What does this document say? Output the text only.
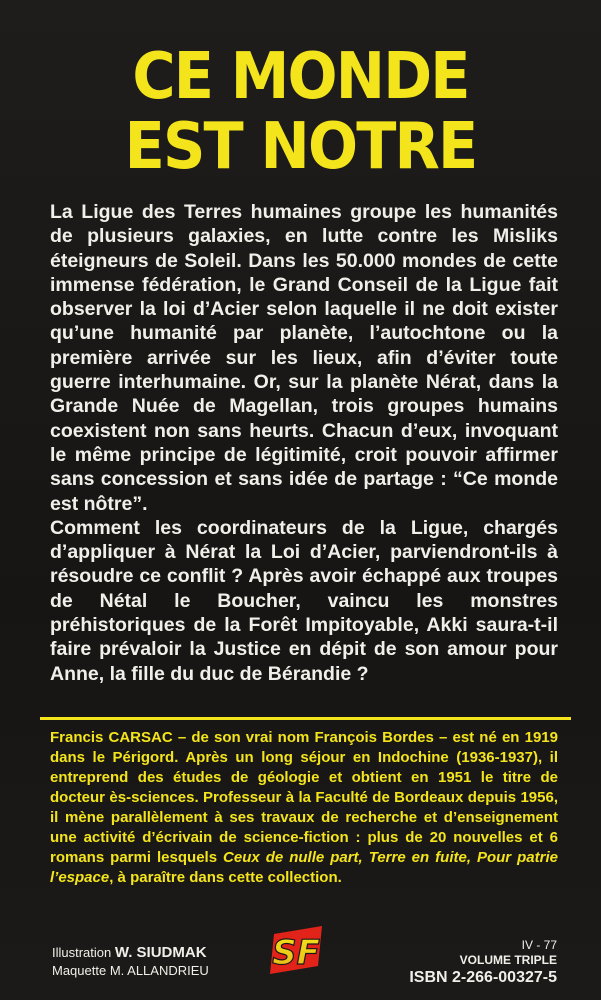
CE MONDE
EST NOTRE

La Ligue des Terres humaines groupe les humanités de plusieurs galaxies, en lutte contre les Misliks éteigneurs de Soleil. Dans les 50.000 mondes de cette immense fédération, le Grand Conseil de la Ligue fait observer la loi d’Acier selon laquelle il ne doit exister qu’une humanité par planète, l’autochtone ou la première arrivée sur les lieux, afin d’éviter toute guerre interhumaine. Or, sur la planète Nérat, dans la Grande Nuée de Magellan, trois groupes humains coexistent non sans heurts. Chacun d’eux, invoquant le même principe de légitimité, croit pouvoir affirmer sans concession et sans idée de partage : “Ce monde est nôtre”.

Comment les coordinateurs de la Ligue, chargés d’appliquer à Nérat la Loi d’Acier, parviendront-ils à résoudre ce conflit ? Après avoir échappé aux troupes de Nétal le Boucher, vaincu les monstres préhistoriques de la Forêt Impitoyable, Akki saura-t-il faire prévaloir la Justice en dépit de son amour pour Anne, la fille du duc de Bérandie ?

Francis CARSAC – de son vrai nom François Bordes – est né en 1919 dans le Périgord. Après un long séjour en Indochine (1936-1937), il entreprend des études de géologie et obtient en 1951 le titre de docteur ès-sciences. Professeur à la Faculté de Bordeaux depuis 1956, il mène parallèlement à ses travaux de recherche et d’enseignement une activité d’écrivain de science-fiction : plus de 20 nouvelles et 6 romans parmi lesquels Ceux de nulle part, Terre en fuite, Pour patrie l’espace, à paraître dans cette collection.

Illustration W. SIUDMAK
Maquette M. ALLANDRIEU SF	IV - 77
VOLUME TRIPLE
ISBN 2-266-00327-5
